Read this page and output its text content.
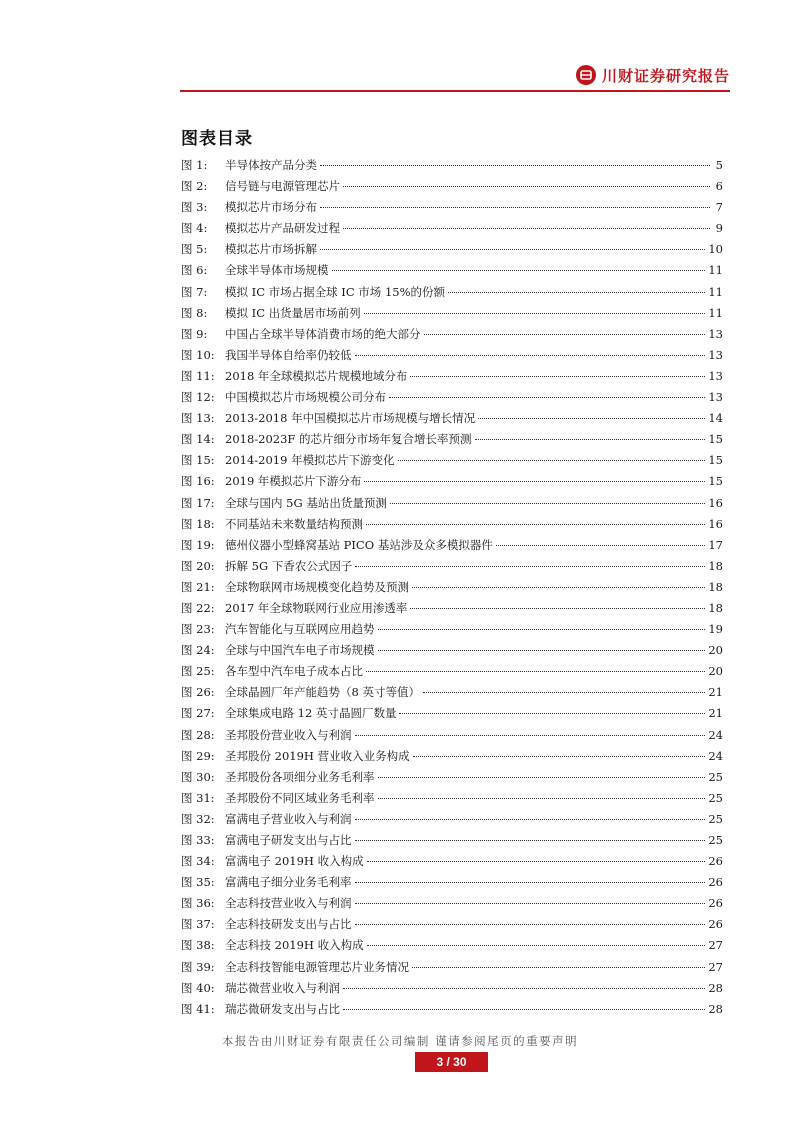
川财证券研究报告
图表目录
图 1:	半导体按产品分类	5
图 2:	信号链与电源管理芯片	6
图 3:	模拟芯片市场分布	7
图 4:	模拟芯片产品研发过程	9
图 5:	模拟芯片市场拆解	10
图 6:	全球半导体市场规模	11
图 7:	模拟 IC 市场占据全球 IC 市场 15%的份额	11
图 8:	模拟 IC 出货量居市场前列	11
图 9:	中国占全球半导体消费市场的绝大部分	13
图 10: 我国半导体自给率仍较低	13
图 11: 2018 年全球模拟芯片规模地域分布	13
图 12: 中国模拟芯片市场规模公司分布	13
图 13: 2013-2018 年中国模拟芯片市场规模与增长情况	14
图 14: 2018-2023F 的芯片细分市场年复合增长率预测	15
图 15: 2014-2019 年模拟芯片下游变化	15
图 16: 2019 年模拟芯片下游分布	15
图 17: 全球与国内 5G 基站出货量预测	16
图 18: 不同基站未来数量结构预测	16
图 19: 德州仪器小型蜂窝基站 PICO 基站涉及众多模拟器件	17
图 20: 拆解 5G 下香农公式因子	18
图 21: 全球物联网市场规模变化趋势及预测	18
图 22: 2017 年全球物联网行业应用渗透率	18
图 23: 汽车智能化与互联网应用趋势	19
图 24: 全球与中国汽车电子市场规模	20
图 25: 各车型中汽车电子成本占比	20
图 26: 全球晶圆厂年产能趋势（8 英寸等值）	21
图 27: 全球集成电路 12 英寸晶圆厂数量	21
图 28: 圣邦股份营业收入与利润	24
图 29: 圣邦股份 2019H 营业收入业务构成	24
图 30: 圣邦股份各项细分业务毛利率	25
图 31: 圣邦股份不同区域业务毛利率	25
图 32: 富满电子营业收入与利润	25
图 33: 富满电子研发支出与占比	25
图 34: 富满电子 2019H 收入构成	26
图 35: 富满电子细分业务毛利率	26
图 36: 全志科技营业收入与利润	26
图 37: 全志科技研发支出与占比	26
图 38: 全志科技 2019H 收入构成	27
图 39: 全志科技智能电源管理芯片业务情况	27
图 40: 瑞芯微营业收入与利润	28
图 41: 瑞芯微研发支出与占比	28
本报告由川财证券有限责任公司编制 谨请参阅尾页的重要声明
3 / 30
